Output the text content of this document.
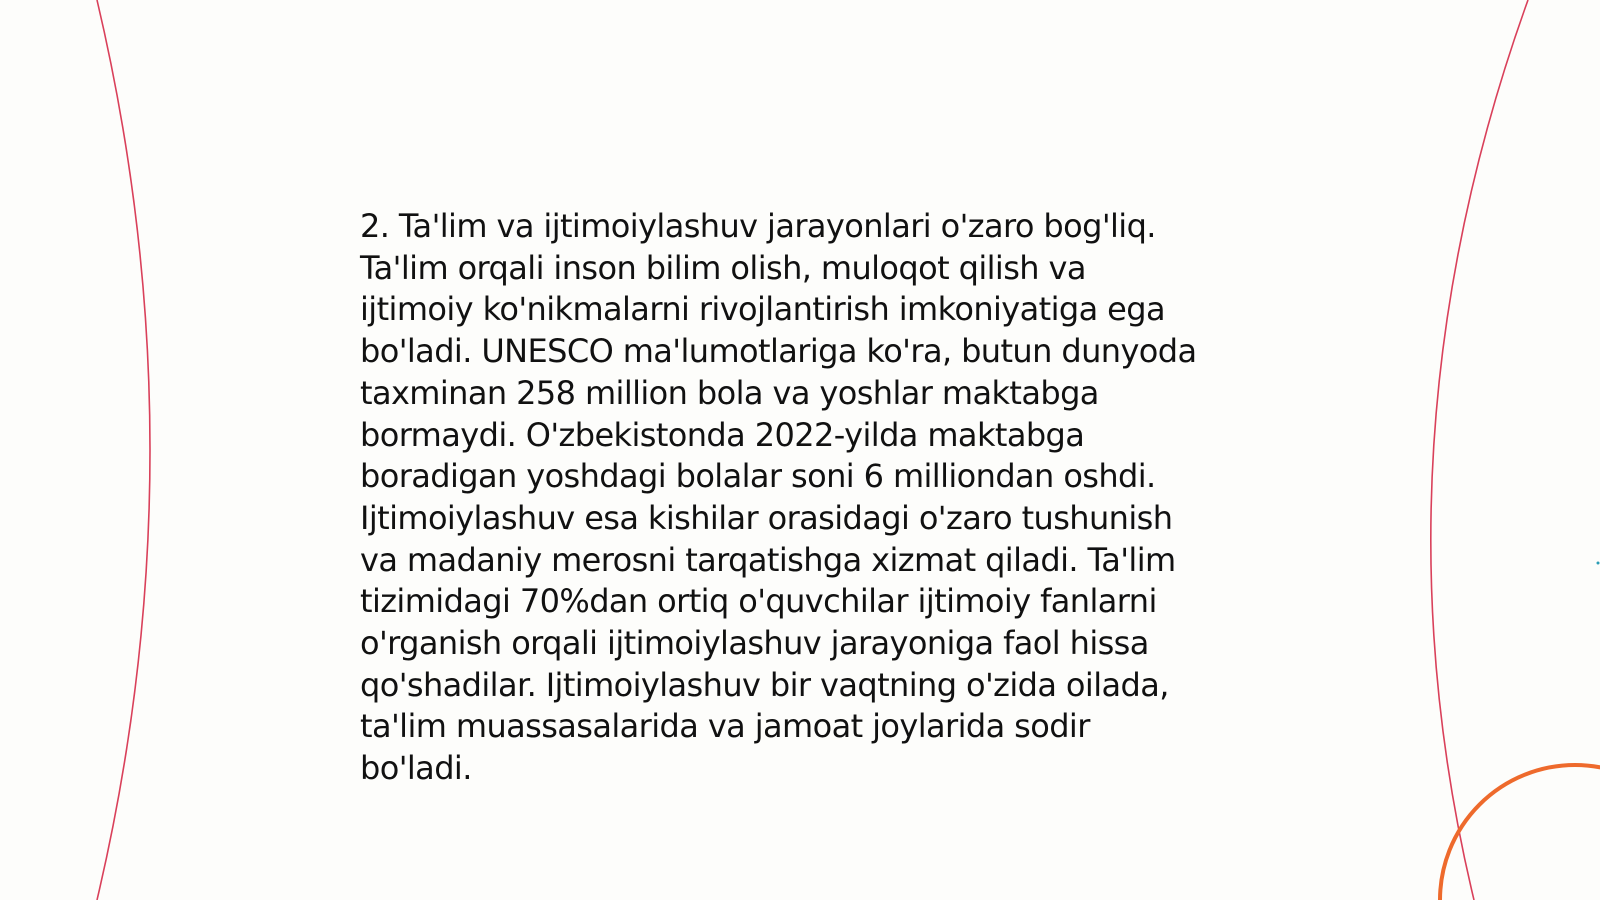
2. Ta'lim va ijtimoiylashuv jarayonlari o'zaro bog'liq.
Ta'lim orqali inson bilim olish, muloqot qilish va
ijtimoiy ko'nikmalarni rivojlantirish imkoniyatiga ega
bo'ladi. UNESCO ma'lumotlariga ko'ra, butun dunyoda
taxminan 258 million bola va yoshlar maktabga
bormaydi. O'zbekistonda 2022-yilda maktabga
boradigan yoshdagi bolalar soni 6 milliondan oshdi.
Ijtimoiylashuv esa kishilar orasidagi o'zaro tushunish
va madaniy merosni tarqatishga xizmat qiladi. Ta'lim
tizimidagi 70%dan ortiq o'quvchilar ijtimoiy fanlarni
o'rganish orqali ijtimoiylashuv jarayoniga faol hissa
qo'shadilar. Ijtimoiylashuv bir vaqtning o'zida oilada,
ta'lim muassasalarida va jamoat joylarida sodir
bo'ladi.
